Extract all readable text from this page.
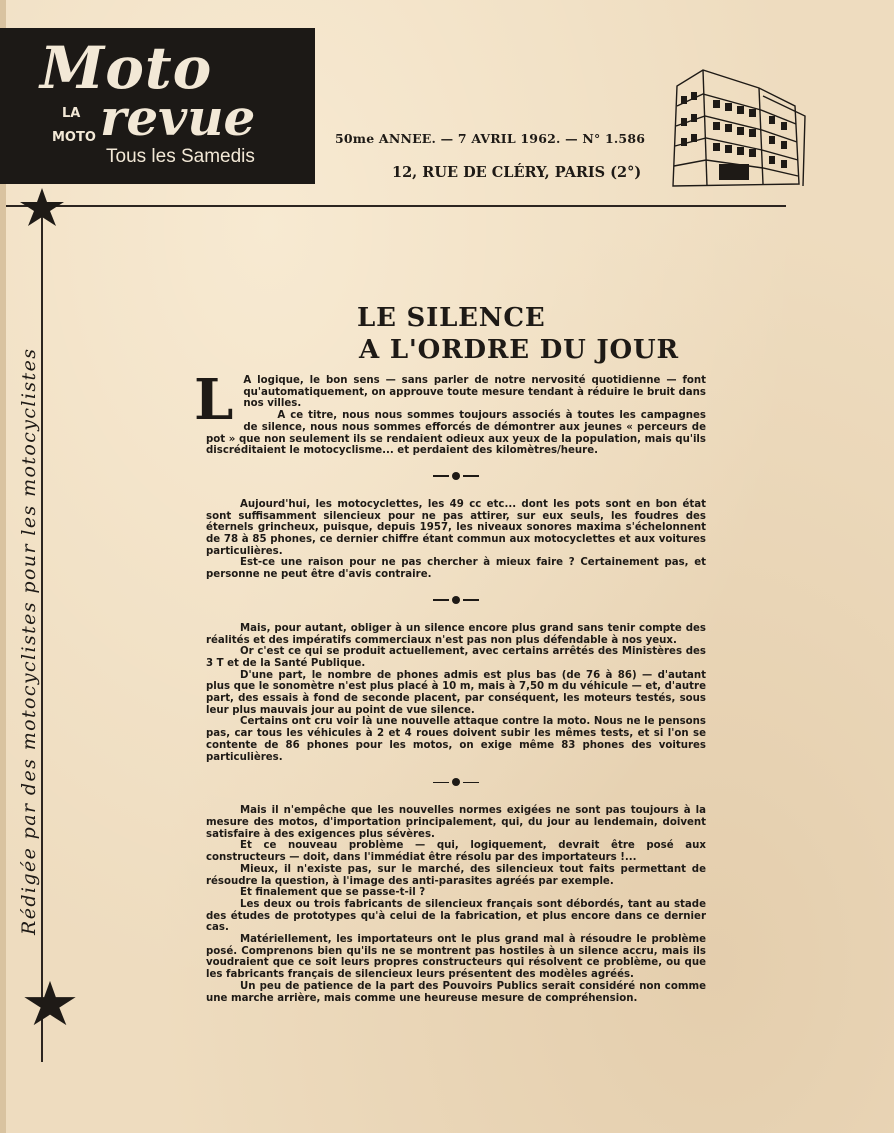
Moto
LA
MOTO revue
Tous les Samedis
50me ANNEE. — 7 AVRIL 1962. — N° 1.586
12, RUE DE CLÉRY, PARIS (2°)
Rédigée par des motocyclistes pour les motocyclistes
LE SILENCE
A L'ORDRE DU JOUR
L A logique, le bon sens — sans parler de notre nervosité quotidienne — font qu'automatiquement, on approuve toute mesure tendant à réduire le bruit dans nos villes.

A ce titre, nous nous sommes toujours associés à toutes les campagnes de silence, nous nous sommes efforcés de démontrer aux jeunes « perceurs de pot » que non seulement ils se rendaient odieux aux yeux de la population, mais qu'ils discréditaient le motocyclisme... et perdaient des kilomètres/heure.

Aujourd'hui, les motocyclettes, les 49 cc etc... dont les pots sont en bon état sont suffisamment silencieux pour ne pas attirer, sur eux seuls, les foudres des éternels grincheux, puisque, depuis 1957, les niveaux sonores maxima s'échelonnent de 78 à 85 phones, ce dernier chiffre étant commun aux motocyclettes et aux voitures particulières.

Est-ce une raison pour ne pas chercher à mieux faire ? Certainement pas, et personne ne peut être d'avis contraire.

Mais, pour autant, obliger à un silence encore plus grand sans tenir compte des réalités et des impératifs commerciaux n'est pas non plus défendable à nos yeux.

Or c'est ce qui se produit actuellement, avec certains arrêtés des Ministères des 3 T et de la Santé Publique.

D'une part, le nombre de phones admis est plus bas (de 76 à 86) — d'autant plus que le sonomètre n'est plus placé à 10 m, mais à 7,50 m du véhicule — et, d'autre part, des essais à fond de seconde placent, par conséquent, les moteurs testés, sous leur plus mauvais jour au point de vue silence.

Certains ont cru voir là une nouvelle attaque contre la moto. Nous ne le pensons pas, car tous les véhicules à 2 et 4 roues doivent subir les mêmes tests, et si l'on se contente de 86 phones pour les motos, on exige même 83 phones des voitures particulières.

Mais il n'empêche que les nouvelles normes exigées ne sont pas toujours à la mesure des motos, d'importation principalement, qui, du jour au lendemain, doivent satisfaire à des exigences plus sévères.

Et ce nouveau problème — qui, logiquement, devrait être posé aux constructeurs — doit, dans l'immédiat être résolu par des importateurs !...

Mieux, il n'existe pas, sur le marché, des silencieux tout faits permettant de résoudre la question, à l'image des anti-parasites agréés par exemple.

Et finalement que se passe-t-il ?

Les deux ou trois fabricants de silencieux français sont débordés, tant au stade des études de prototypes qu'à celui de la fabrication, et plus encore dans ce dernier cas.

Matériellement, les importateurs ont le plus grand mal à résoudre le problème posé. Comprenons bien qu'ils ne se montrent pas hostiles à un silence accru, mais ils voudraient que ce soit leurs propres constructeurs qui résolvent ce problème, ou que les fabricants français de silencieux leurs présentent des modèles agréés.

Un peu de patience de la part des Pouvoirs Publics serait considéré non comme une marche arrière, mais comme une heureuse mesure de compréhension.
